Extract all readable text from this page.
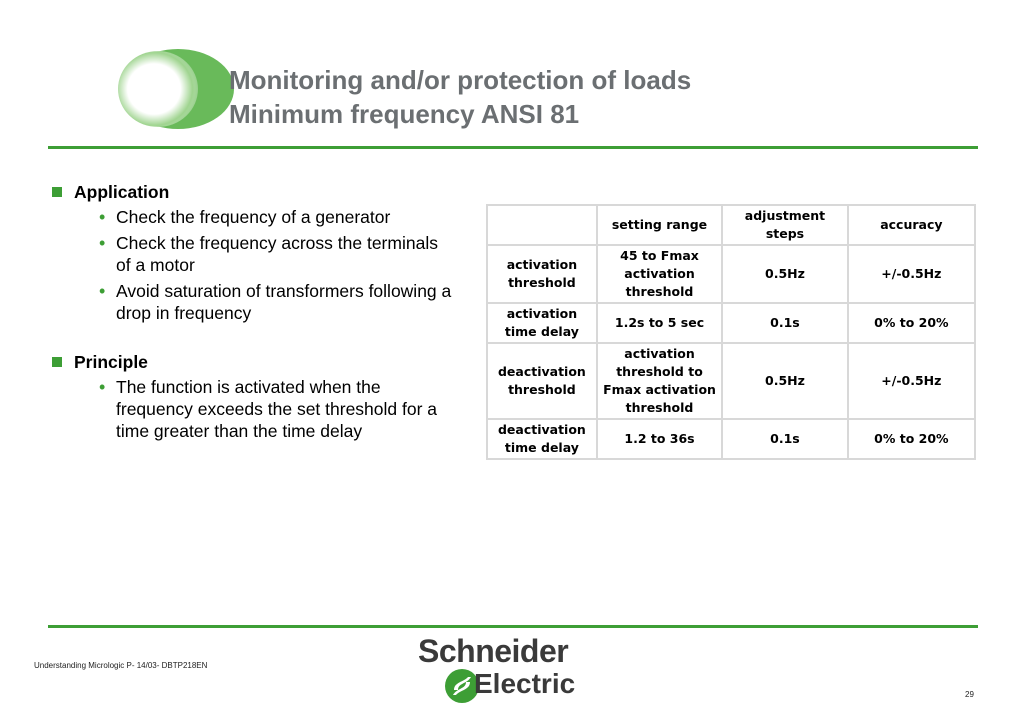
Monitoring and/or protection of loads
Minimum frequency ANSI 81
Application
• Check the frequency of a generator
• Check the frequency across the terminals of a motor
• Avoid saturation of transformers following a drop in frequency
Principle
• The function is activated when the frequency exceeds the set threshold for a time greater than the time delay
	setting range	adjustment steps	accuracy
activation threshold	45 to Fmax activation threshold	0.5Hz	+/-0.5Hz
activation time delay	1.2s to 5 sec	0.1s	0% to 20%
deactivation threshold	activation threshold to Fmax activation threshold	0.5Hz	+/-0.5Hz
deactivation time delay	1.2 to 36s	0.1s	0% to 20%
Understanding Micrologic P- 14/03- DBTP218EN	Schneider
Electric	29
